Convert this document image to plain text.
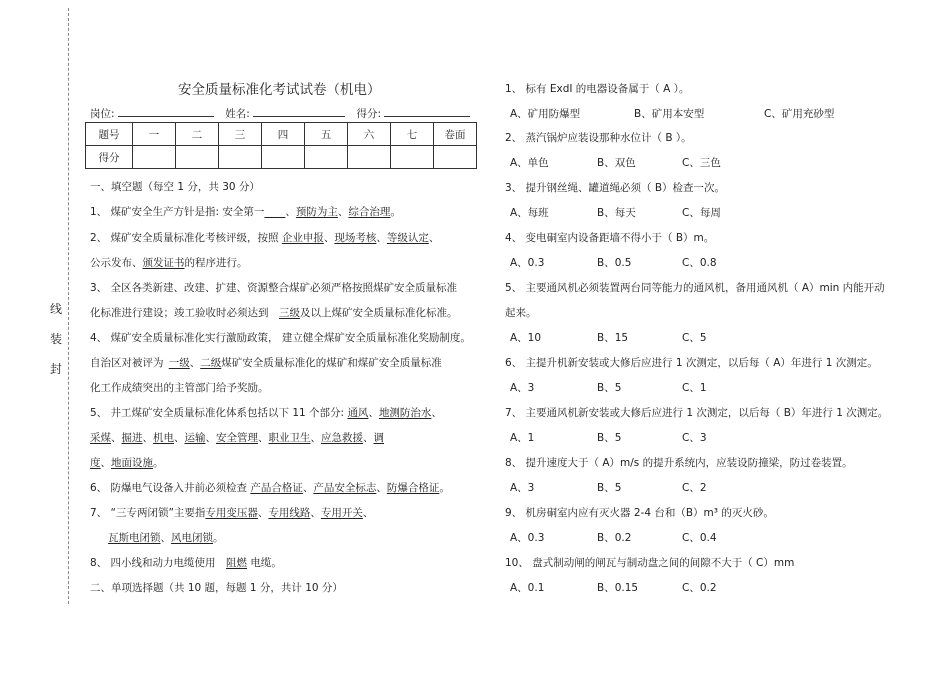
线
装
封
安全质量标准化考试试卷（机电）
岗位:	姓名:	得分:
题号	一	二	三	四	五	六	七	卷面
得分								
一、填空题（每空 1 分，共 30 分）
1、 煤矿安全生产方针是指: 安全第一   、预防为主、综合治理。
2、 煤矿安全质量标准化考核评级，按照 企业申报、现场考核、等级认定、
公示发布、颁发证书的程序进行。
3、 全区各类新建、改建、扩建、资源整合煤矿必须严格按照煤矿安全质量标准
化标准进行建设；竣工验收时必须达到  三级及以上煤矿安全质量标准化标准。
4、 煤矿安全质量标准化实行激励政策， 建立健全煤矿安全质量标准化奖励制度。
自治区对被评为  一级、二级煤矿安全质量标准化的煤矿和煤矿安全质量标准
化工作成绩突出的主管部门给予奖励。
5、 井工煤矿安全质量标准化体系包括以下 11 个部分: 通风、地测防治水、
采煤、掘进、机电、运输、安全管理、职业卫生、应急救援、调
度、地面设施。
6、 防爆电气设备入井前必须检查 产品合格证、产品安全标志、防爆合格证。
7、 “三专两闭锁”主要指专用变压器、专用线路、专用开关、
瓦斯电闭锁、风电闭锁。
8、 四小线和动力电缆使用  阻燃 电缆。
二、单项选择题（共 10 题，每题 1 分，共计 10 分）
1、 标有 ExdI 的电器设备属于（ A ）。
A、矿用防爆型	B、矿用本安型	C、矿用充砂型
2、 蒸汽锅炉应装设那种水位计（ B ）。
A、单色	B、双色	C、三色
3、 提升钢丝绳、罐道绳必须（ B）检查一次。
A、每班	B、每天	C、每周
4、 变电硐室内设备距墙不得小于（ B）m。
A、0.3	B、0.5	C、0.8
5、 主要通风机必须装置两台同等能力的通风机，备用通风机（ A）min 内能开动
起来。
A、10	B、15	C、5
6、 主提升机新安装或大修后应进行 1 次测定，以后每（ A）年进行 1 次测定。
A、3	B、5	C、1
7、 主要通风机新安装或大修后应进行 1 次测定，以后每（ B）年进行 1 次测定。
A、1	B、5	C、3
8、 提升速度大于（ A）m/s 的提升系统内，应装设防撞梁，防过卷装置。
A、3	B、5	C、2
9、 机房硐室内应有灭火器 2-4 台和（B）m³ 的灭火砂。
A、0.3	B、0.2	C、0.4
10、 盘式制动闸的闸瓦与制动盘之间的间隙不大于（ C）mm
A、0.1	B、0.15	C、0.2
